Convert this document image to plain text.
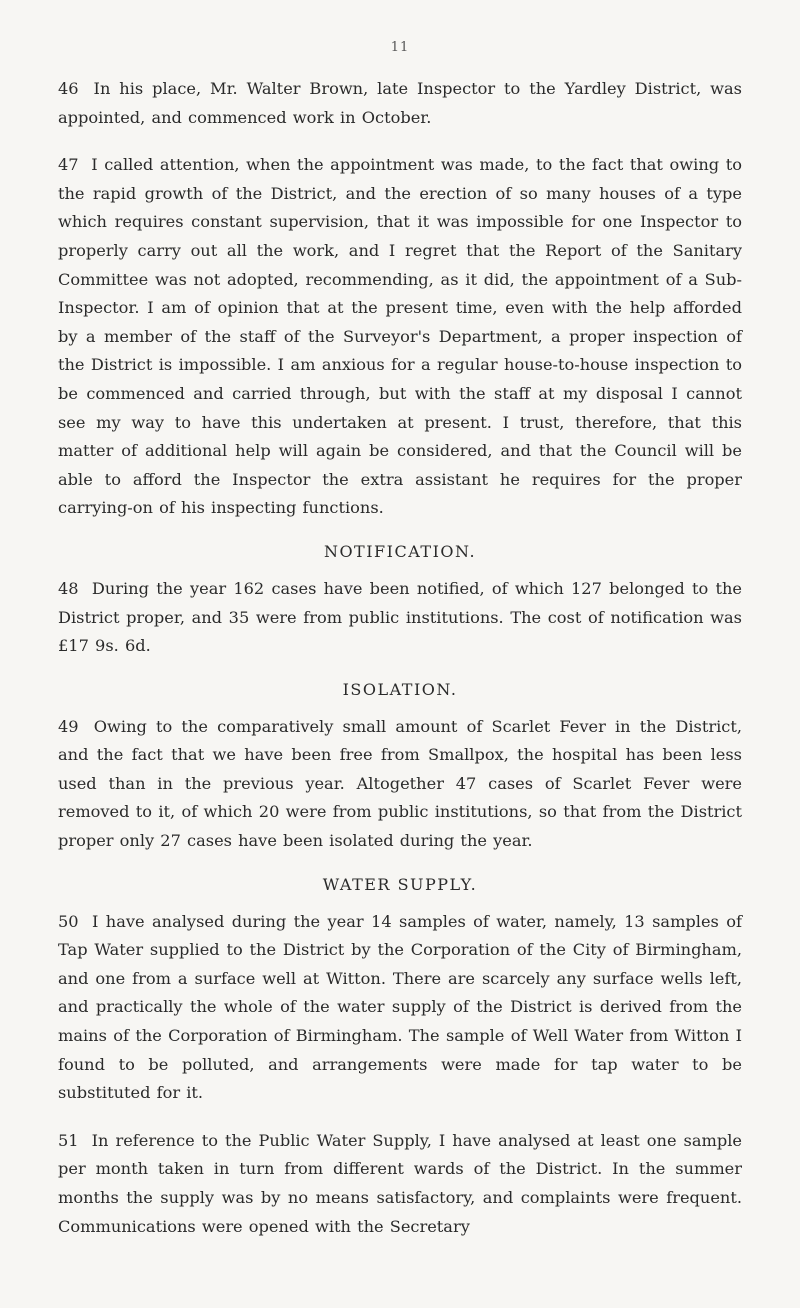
11

46 In his place, Mr. Walter Brown, late Inspector to the Yardley District, was appointed, and commenced work in October.

47 I called attention, when the appointment was made, to the fact that owing to the rapid growth of the District, and the erection of so many houses of a type which requires constant supervision, that it was impossible for one Inspector to properly carry out all the work, and I regret that the Report of the Sanitary Committee was not adopted, recommending, as it did, the appointment of a Sub-Inspector. I am of opinion that at the present time, even with the help afforded by a member of the staff of the Surveyor's Department, a proper inspection of the District is impossible. I am anxious for a regular house-to-house inspection to be commenced and carried through, but with the staff at my disposal I cannot see my way to have this undertaken at present. I trust, therefore, that this matter of additional help will again be considered, and that the Council will be able to afford the Inspector the extra assistant he requires for the proper carrying-on of his inspecting functions.

NOTIFICATION.

48 During the year 162 cases have been notified, of which 127 belonged to the District proper, and 35 were from public institutions. The cost of notification was £17 9s. 6d.

ISOLATION.

49 Owing to the comparatively small amount of Scarlet Fever in the District, and the fact that we have been free from Smallpox, the hospital has been less used than in the previous year. Altogether 47 cases of Scarlet Fever were removed to it, of which 20 were from public institutions, so that from the District proper only 27 cases have been isolated during the year.

WATER SUPPLY.

50 I have analysed during the year 14 samples of water, namely, 13 samples of Tap Water supplied to the District by the Corporation of the City of Birmingham, and one from a surface well at Witton. There are scarcely any surface wells left, and practically the whole of the water supply of the District is derived from the mains of the Corporation of Birmingham. The sample of Well Water from Witton I found to be polluted, and arrangements were made for tap water to be substituted for it.

51 In reference to the Public Water Supply, I have analysed at least one sample per month taken in turn from different wards of the District. In the summer months the supply was by no means satisfactory, and complaints were frequent. Communications were opened with the Secretary
